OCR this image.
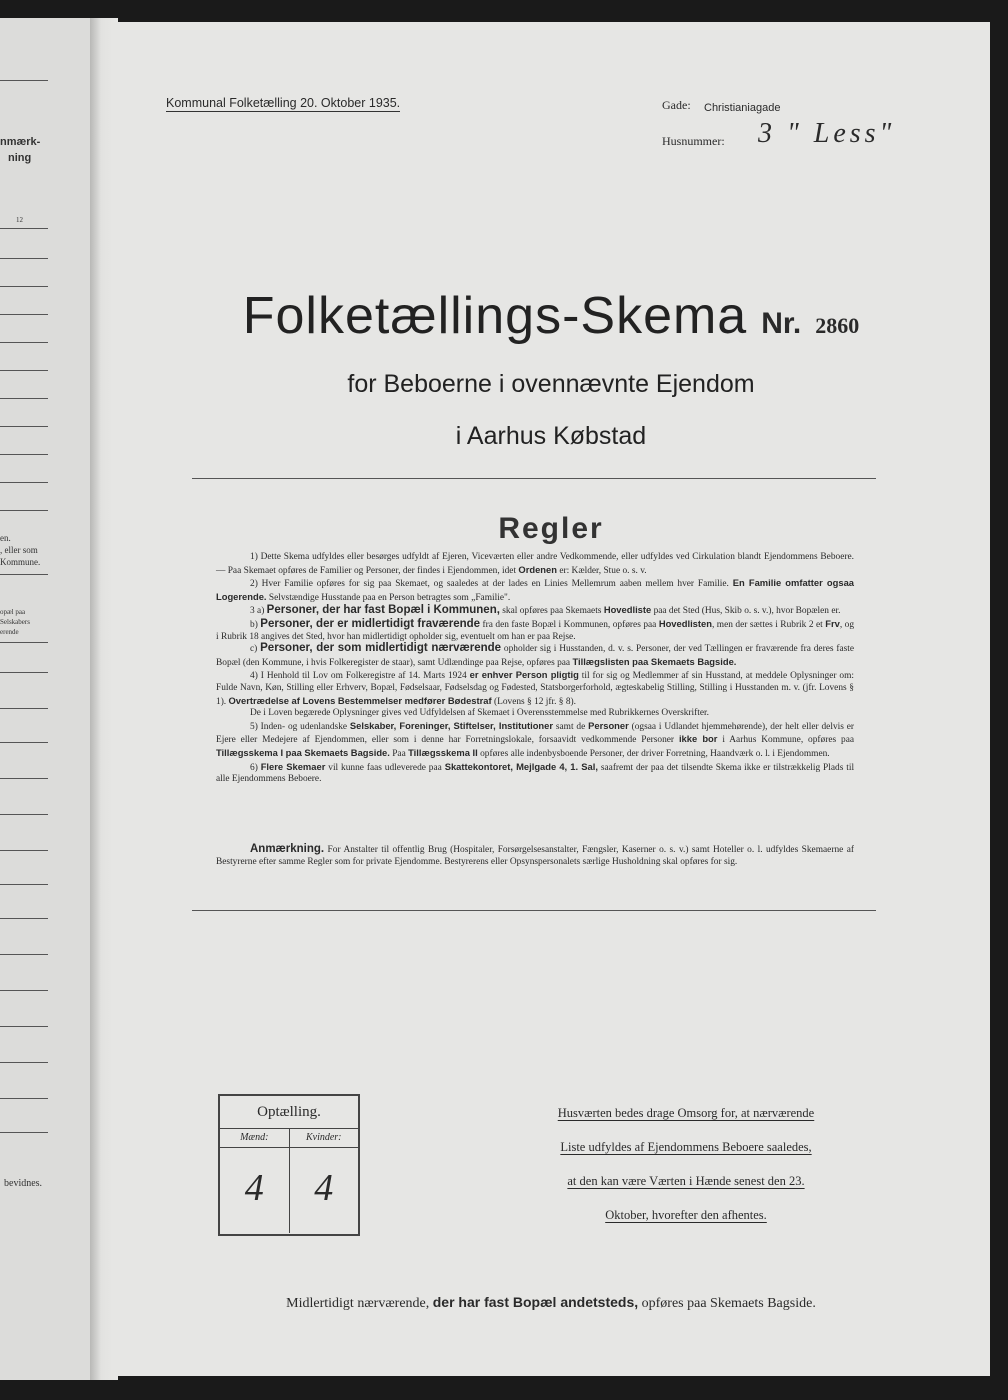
nmærk-
ning
12
en.
, eller som
Kommune.
opæl paa
Selskabers
erende
bevidnes.
Kommunal Folketælling 20. Oktober 1935.	Gade: Christianiagade
Husnummer: 3 " Less"
Folketællings-Skema Nr. 2860
for Beboerne i ovennævnte Ejendom
i Aarhus Købstad
Regler

1) Dette Skema udfyldes eller besørges udfyldt af Ejeren, Viceværten eller andre Vedkommende, eller udfyldes ved Cirkulation blandt Ejendommens Beboere. — Paa Skemaet opføres de Familier og Personer, der findes i Ejendommen, idet Ordenen er: Kælder, Stue o. s. v.

2) Hver Familie opføres for sig paa Skemaet, og saaledes at der lades en Linies Mellemrum aaben mellem hver Familie. En Familie omfatter ogsaa Logerende. Selvstændige Husstande paa en Person betragtes som „Familie".

3 a) Personer, der har fast Bopæl i Kommunen, skal opføres paa Skemaets Hovedliste paa det Sted (Hus, Skib o. s. v.), hvor Bopælen er.

b) Personer, der er midlertidigt fraværende fra den faste Bopæl i Kommunen, opføres paa Hovedlisten, men der sættes i Rubrik 2 et Frv, og i Rubrik 18 angives det Sted, hvor han midlertidigt opholder sig, eventuelt om han er paa Rejse.

c) Personer, der som midlertidigt nærværende opholder sig i Husstanden, d. v. s. Personer, der ved Tællingen er fraværende fra deres faste Bopæl (den Kommune, i hvis Folkeregister de staar), samt Udlændinge paa Rejse, opføres paa Tillægslisten paa Skemaets Bagside.

4) I Henhold til Lov om Folkeregistre af 14. Marts 1924 er enhver Person pligtig til for sig og Medlemmer af sin Husstand, at meddele Oplysninger om: Fulde Navn, Køn, Stilling eller Erhverv, Bopæl, Fødselsaar, Fødselsdag og Fødested, Statsborgerforhold, ægteskabelig Stilling, Stilling i Husstanden m. v. (jfr. Lovens § 1). Overtrædelse af Lovens Bestemmelser medfører Bødestraf (Lovens § 12 jfr. § 8).

De i Loven begærede Oplysninger gives ved Udfyldelsen af Skemaet i Overensstemmelse med Rubrikkernes Overskrifter.

5) Inden- og udenlandske Selskaber, Foreninger, Stiftelser, Institutioner samt de Personer (ogsaa i Udlandet hjemmehørende), der helt eller delvis er Ejere eller Medejere af Ejendommen, eller som i denne har Forretningslokale, forsaavidt vedkommende Personer ikke bor i Aarhus Kommune, opføres paa Tillægsskema I paa Skemaets Bagside. Paa Tillægsskema II opføres alle indenbysboende Personer, der driver Forretning, Haandværk o. l. i Ejendommen.

6) Flere Skemaer vil kunne faas udleverede paa Skattekontoret, Mejlgade 4, 1. Sal, saafremt der paa det tilsendte Skema ikke er tilstrækkelig Plads til alle Ejendommens Beboere.

Anmærkning. For Anstalter til offentlig Brug (Hospitaler, Forsørgelsesanstalter, Fængsler, Kaserner o. s. v.) samt Hoteller o. l. udfyldes Skemaerne af Bestyrerne efter samme Regler som for private Ejendomme. Bestyrerens eller Opsynspersonalets særlige Husholdning skal opføres for sig.

Optælling.
Mænd:
4
Kvinder:
4
Husværten bedes drage Omsorg for, at nærværende
Liste udfyldes af Ejendommens Beboere saaledes,
at den kan være Værten i Hænde senest den 23.
Oktober, hvorefter den afhentes.
Midlertidigt nærværende, der har fast Bopæl andetsteds, opføres paa Skemaets Bagside.
